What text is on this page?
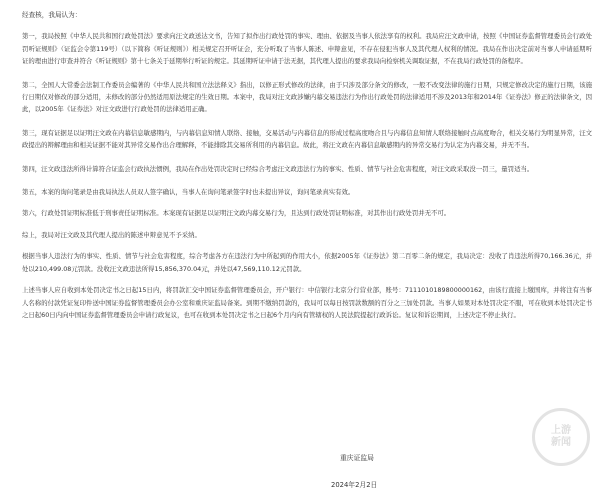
经查核，我局认为：

第一，我局按照《中华人民共和国行政处罚法》要求向汪文政送达文书，告知了拟作出行政处罚的事实、理由、依据及当事人依法享有的权利。我局应汪文政申请，按照《中国证券监督管理委员会行政处罚听证规则》（证监会令第119号）（以下简称《听证规则》）相关规定召开听证会，充分听取了当事人陈述、申辩意见，不存在侵犯当事人及其代理人权利的情况。我局在作出决定前对当事人申请延期听证的理由进行审查并符合《听证规则》第十七条关于延期举行听证的规定。其延期听证申请于法无据，其代理人提出的要求我局向检察机关调取证据，不在我局行政处罚的备程序。

第二，全国人大常委会法制工作委员会编著的《中华人民共和国立法法释义》指出，以修正形式修改的法律，由于只涉及部分条文的修改，一般不改变法律的施行日期，只规定修改决定的施行日期，该施行日期仅对修改的部分适用，未修改的部分仍然适用原法规定的生效日期。本案中，我局对汪文政涉嫌内幕交易违法行为作出行政处罚的法律适用不涉及2013年和2014年《证券法》修正的法律条文，因此，以2005年《证券法》对汪文政进行行政处罚的法律适用正确。

第三，现有证据足以证明汪文政在内幕信息敏感期内，与内幕信息知情人联络、接触，交易活动与内幕信息的形成过程高度吻合且与内幕信息知情人联络接触时点高度吻合，相关交易行为明显异常，汪文政提出的辩解理由和相关证据不能对其异常交易作出合理解释，不能排除其交易所利用的内幕信息。故此，将汪文政在内幕信息敏感期内的异常交易行为认定为内幕交易，并无不当。

第四，汪文政违法所得计算符合证监会行政执法惯例，我局在作出处罚决定时已经综合考虑汪文政违法行为的事实、性质、情节与社会危害程度，对汪文政采取没一罚三，量罚适当。

第五，本案的询问笔录是由我局执法人员双人签字确认，当事人在询问笔录签字时也未提出异议，询问笔录真实有效。

第六，行政处罚证明标准低于刑事责任证明标准。本案现有证据足以证明汪文政内幕交易行为，且达到行政处罚证明标准，对其作出行政处罚并无不可。

综上，我局对汪文政及其代理人提出的陈述申辩意见不予采纳。

根据当事人违法行为的事实、性质、情节与社会危害程度，综合考虑各方在违法行为中所起到的作用大小，依据2005年《证券法》第二百零二条的规定，我局决定：没收了肖违法所得70,166.36元，并处以210,499.08元罚款。没收汪文政违法所得15,856,370.04元，并处以47,569,110.12元罚款。

上述当事人应自收到本处罚决定书之日起15日内，将罚款汇交中国证券监督管理委员会，开户银行：中信银行北京分行营业部，账号：7111010189800000162，由该行直接上缴国库，并将注有当事人名称的付款凭证复印件送中国证券监督管理委员会办公室和重庆证监局备案。到期不缴纳罚款的，我局可以每日按罚款数额的百分之三加处罚款。当事人如果对本处罚决定不服，可在收到本处罚决定书之日起60日内向中国证券监督管理委员会申请行政复议，也可在收到本处罚决定书之日起6个月内向有管辖权的人民法院提起行政诉讼。复议和诉讼期间，上述决定不停止执行。

上游
新闻

重庆证监局

2024年2月2日
